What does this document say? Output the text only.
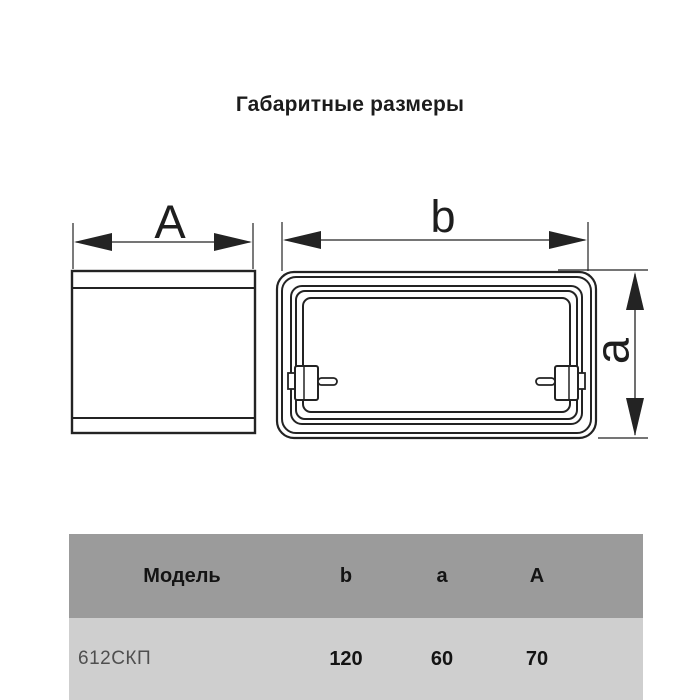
Габаритные размеры
A	b
a
Модель	b	a	A
612СКП	120	60	70
